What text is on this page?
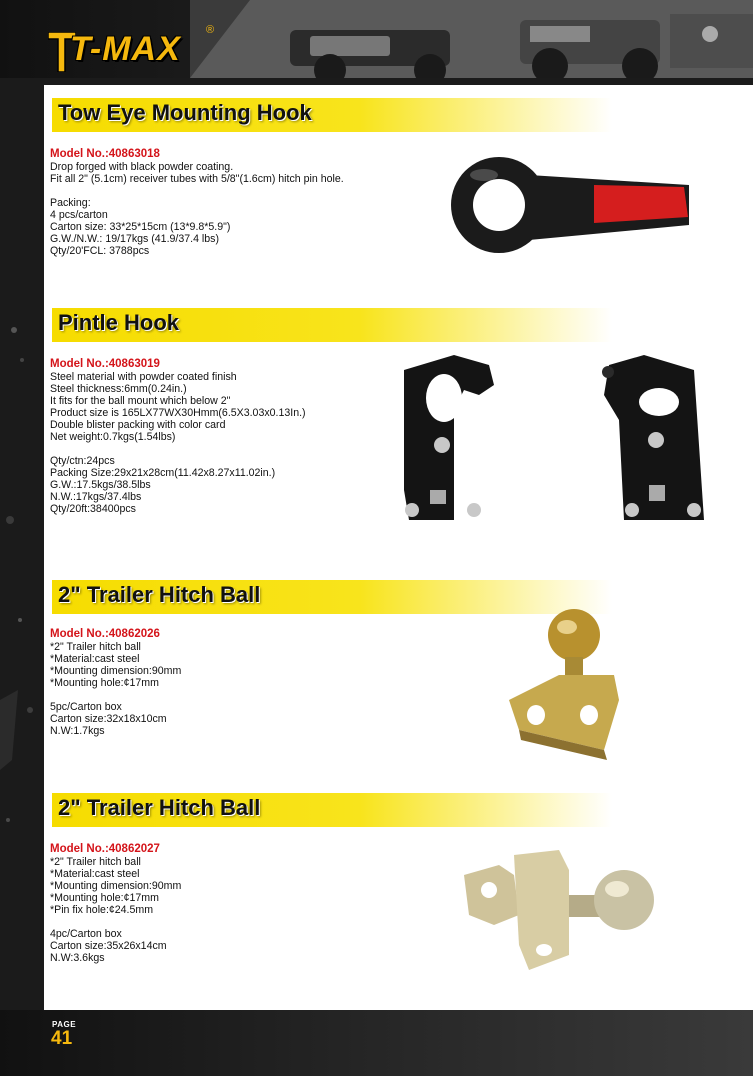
T-MAX ®
Tow Eye Mounting Hook
Model No.:40863018
Drop forged with black powder coating.
Fit all 2" (5.1cm) receiver tubes with 5/8"(1.6cm) hitch pin hole.
Packing:
4 pcs/carton
Carton size: 33*25*15cm (13*9.8*5.9")
G.W./N.W.: 19/17kgs (41.9/37.4 lbs)
Qty/20'FCL: 3788pcs
Pintle Hook
Model No.:40863019
Steel material with powder coated finish
Steel thickness:6mm(0.24in.)
It fits for the ball mount which below 2"
Product size is 165LX77WX30Hmm(6.5X3.03x0.13In.)
Double blister packing with color card
Net weight:0.7kgs(1.54lbs)
Qty/ctn:24pcs
Packing Size:29x21x28cm(11.42x8.27x11.02in.)
G.W.:17.5kgs/38.5lbs
N.W.:17kgs/37.4lbs
Qty/20ft:38400pcs
2" Trailer Hitch Ball
Model No.:40862026
*2" Trailer hitch ball
*Material:cast steel
*Mounting dimension:90mm
*Mounting hole:¢17mm
5pc/Carton box
Carton size:32x18x10cm
N.W:1.7kgs
2" Trailer Hitch Ball
Model No.:40862027
*2" Trailer hitch ball
*Material:cast steel
*Mounting dimension:90mm
*Mounting hole:¢17mm
*Pin fix hole:¢24.5mm
4pc/Carton box
Carton size:35x26x14cm
N.W:3.6kgs
PAGE
41
